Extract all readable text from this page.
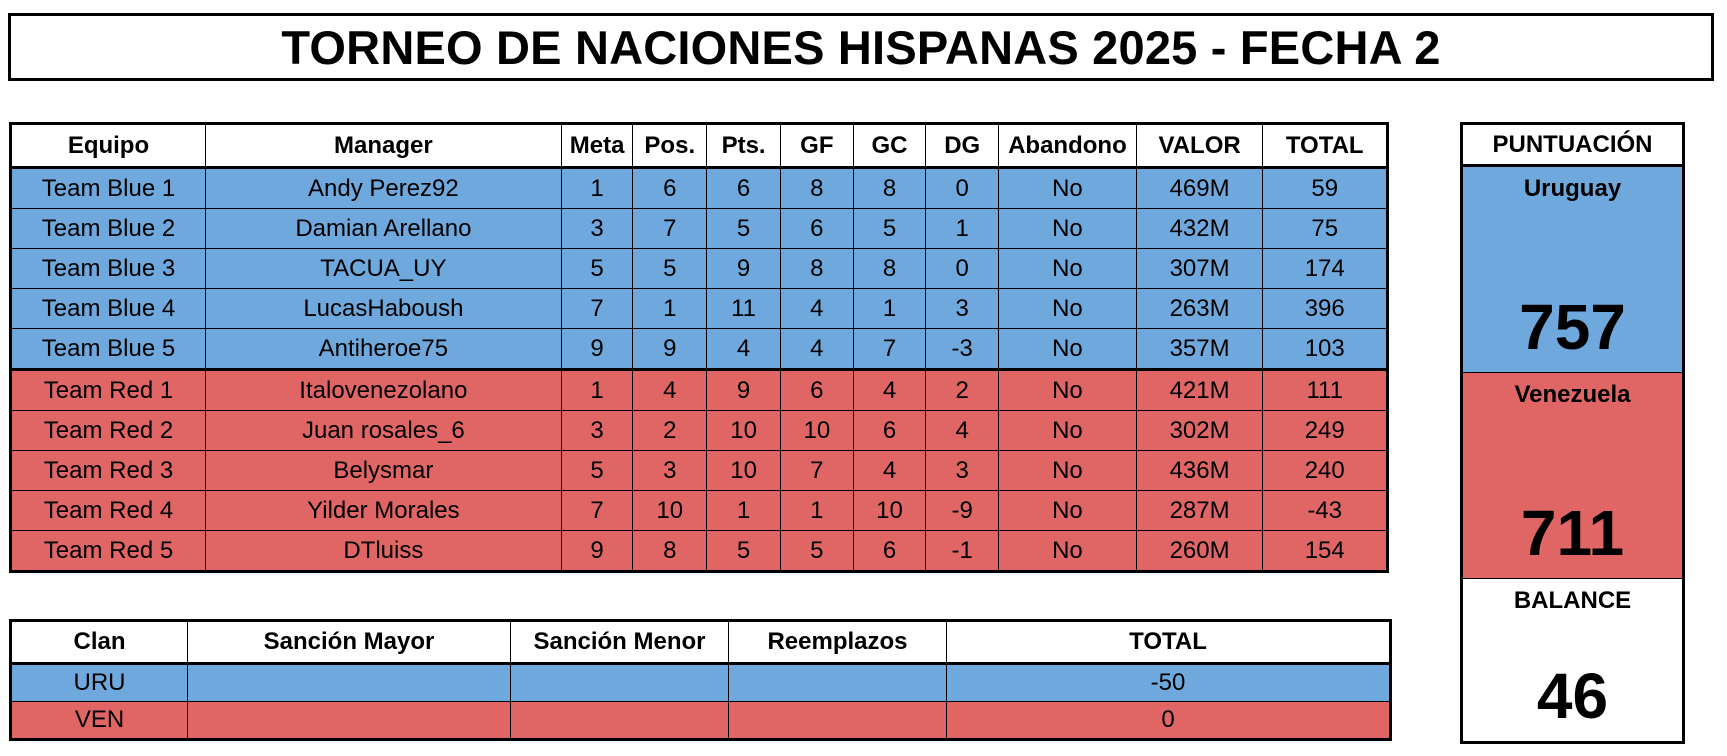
TORNEO DE NACIONES HISPANAS 2025 - FECHA 2
Equipo	Manager	Meta	Pos.	Pts.	GF	GC	DG	Abandono	VALOR	TOTAL
Team Blue 1	Andy Perez92	1	6	6	8	8	0	No	469M	59
Team Blue 2	Damian Arellano	3	7	5	6	5	1	No	432M	75
Team Blue 3	TACUA_UY	5	5	9	8	8	0	No	307M	174
Team Blue 4	LucasHaboush	7	1	11	4	1	3	No	263M	396
Team Blue 5	Antiheroe75	9	9	4	4	7	-3	No	357M	103
Team Red 1	Italovenezolano	1	4	9	6	4	2	No	421M	111
Team Red 2	Juan rosales_6	3	2	10	10	6	4	No	302M	249
Team Red 3	Belysmar	5	3	10	7	4	3	No	436M	240
Team Red 4	Yilder Morales	7	10	1	1	10	-9	No	287M	-43
Team Red 5	DTluiss	9	8	5	5	6	-1	No	260M	154
Clan	Sanción Mayor	Sanción Menor	Reemplazos	TOTAL
URU				-50
VEN				0
PUNTUACIÓN
Uruguay
757
Venezuela
711
BALANCE
46
